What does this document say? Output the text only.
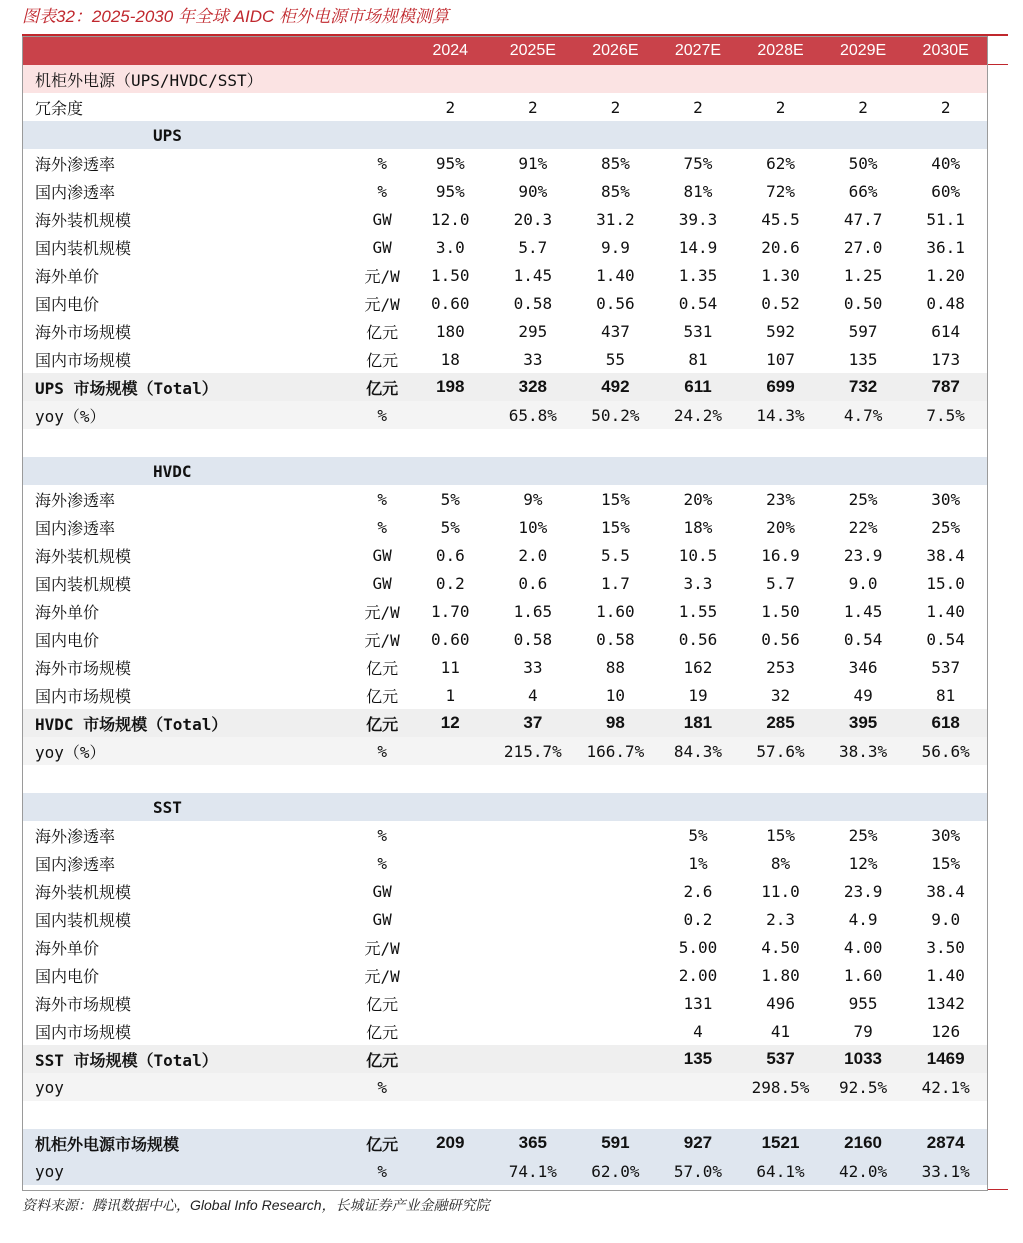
图表32：2025-2030 年全球 AIDC 柜外电源市场规模测算
		2024	2025E	2026E	2027E	2028E	2029E	2030E
机柜外电源（UPS/HVDC/SST）								
冗余度		2	2	2	2	2	2	2
UPS								
海外渗透率	%	95%	91%	85%	75%	62%	50%	40%
国内渗透率	%	95%	90%	85%	81%	72%	66%	60%
海外装机规模	GW	12.0	20.3	31.2	39.3	45.5	47.7	51.1
国内装机规模	GW	3.0	5.7	9.9	14.9	20.6	27.0	36.1
海外单价	元/W	1.50	1.45	1.40	1.35	1.30	1.25	1.20
国内电价	元/W	0.60	0.58	0.56	0.54	0.52	0.50	0.48
海外市场规模	亿元	180	295	437	531	592	597	614
国内市场规模	亿元	18	33	55	81	107	135	173
UPS 市场规模（Total）	亿元	198	328	492	611	699	732	787
yoy（%）	%		65.8%	50.2%	24.2%	14.3%	4.7%	7.5%

HVDC								
海外渗透率	%	5%	9%	15%	20%	23%	25%	30%
国内渗透率	%	5%	10%	15%	18%	20%	22%	25%
海外装机规模	GW	0.6	2.0	5.5	10.5	16.9	23.9	38.4
国内装机规模	GW	0.2	0.6	1.7	3.3	5.7	9.0	15.0
海外单价	元/W	1.70	1.65	1.60	1.55	1.50	1.45	1.40
国内电价	元/W	0.60	0.58	0.58	0.56	0.56	0.54	0.54
海外市场规模	亿元	11	33	88	162	253	346	537
国内市场规模	亿元	1	4	10	19	32	49	81
HVDC 市场规模（Total）	亿元	12	37	98	181	285	395	618
yoy（%）	%		215.7%	166.7%	84.3%	57.6%	38.3%	56.6%

SST								
海外渗透率	%				5%	15%	25%	30%
国内渗透率	%				1%	8%	12%	15%
海外装机规模	GW				2.6	11.0	23.9	38.4
国内装机规模	GW				0.2	2.3	4.9	9.0
海外单价	元/W				5.00	4.50	4.00	3.50
国内电价	元/W				2.00	1.80	1.60	1.40
海外市场规模	亿元				131	496	955	1342
国内市场规模	亿元				4	41	79	126
SST 市场规模（Total）	亿元				135	537	1033	1469
yoy	%					298.5%	92.5%	42.1%

机柜外电源市场规模	亿元	209	365	591	927	1521	2160	2874
yoy	%		74.1%	62.0%	57.0%	64.1%	42.0%	33.1%
资料来源：腾讯数据中心，Global Info Research，长城证券产业金融研究院
